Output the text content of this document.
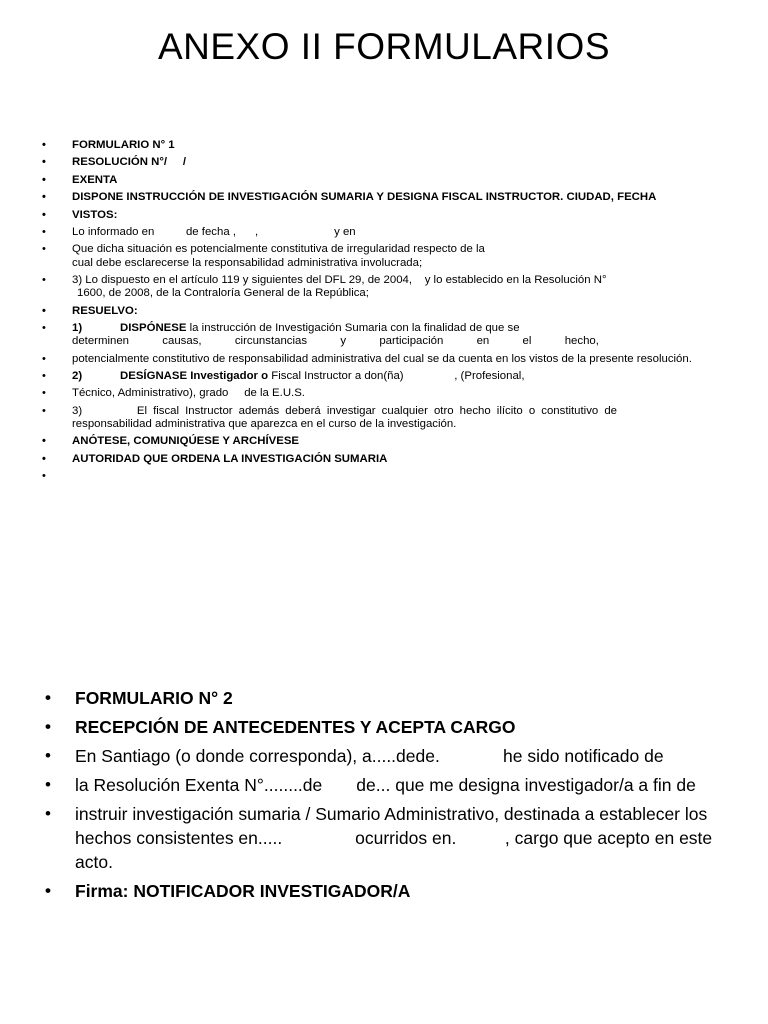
ANEXO II FORMULARIOS
• FORMULARIO N° 1
• RESOLUCIÓN N°/     /
• EXENTA
• DISPONE INSTRUCCIÓN DE INVESTIGACIÓN SUMARIA Y DESIGNA FISCAL INSTRUCTOR. CIUDAD, FECHA
• VISTOS:
• Lo informado en          de fecha ,      ,                        y en
• Que dicha situación es potencialmente constitutiva de irregularidad respecto de la
cual debe esclarecerse la responsabilidad administrativa involucrada;
• 3) Lo dispuesto en el artículo 119 y siguientes del DFL 29, de 2004,    y lo establecido en la Resolución N°
1600, de 2008, de la Contraloría General de la República;
• RESUELVO:
• 1)	DISPÓNESE la instrucción de Investigación Sumaria con la finalidad de que se
determinen	causas,	circunstancias	y	participación	en	el	hecho,
• potencialmente constitutivo de responsabilidad administrativa del cual se da cuenta en los vistos de la presente resolución.
• 2)	DESÍGNASE Investigador o Fiscal Instructor a don(ña)                , (Profesional,
• Técnico, Administrativo), grado     de la E.U.S.
• 3)         El fiscal Instructor además deberá investigar cualquier otro hecho ilícito o constitutivo de responsabilidad administrativa que aparezca en el curso de la investigación.
• ANÓTESE, COMUNIQÚESE Y ARCHÍVESE
• AUTORIDAD QUE ORDENA LA INVESTIGACIÓN SUMARIA
•
• FORMULARIO N° 2
• RECEPCIÓN DE ANTECEDENTES Y ACEPTA CARGO
• En Santiago (o donde corresponda), a.....dede.             he sido notificado de
• la Resolución Exenta N°........de       de... que me designa investigador/a a fin de
• instruir investigación sumaria / Sumario Administrativo, destinada a establecer los
hechos consistentes en.....               ocurridos en.          , cargo que acepto en este acto.
• Firma: NOTIFICADOR INVESTIGADOR/A
